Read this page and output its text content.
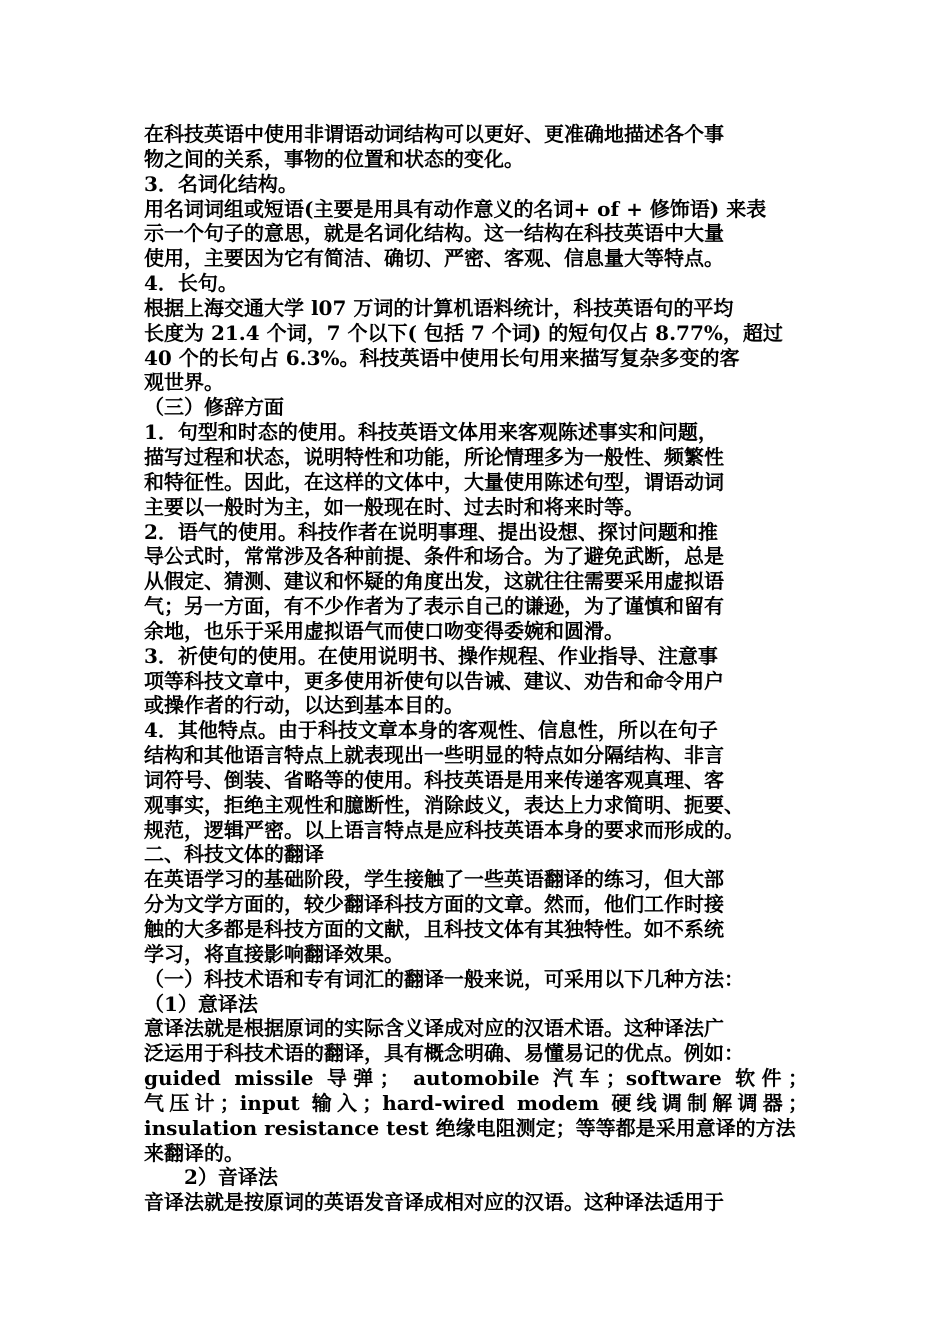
在科技英语中使用非谓语动词结构可以更好、更准确地描述各个事
物之间的关系，事物的位置和状态的变化。
3．名词化结构。
用名词词组或短语(主要是用具有动作意义的名词+ of + 修饰语) 来表
示一个句子的意思，就是名词化结构。这一结构在科技英语中大量
使用，主要因为它有简洁、确切、严密、客观、信息量大等特点。
4．长句。
根据上海交通大学 l07 万词的计算机语料统计，科技英语句的平均
长度为 21.4 个词，7 个以下( 包括 7 个词) 的短句仅占 8.77%，超过
40 个的长句占 6.3%。科技英语中使用长句用来描写复杂多变的客
观世界。
（三）修辞方面
1．句型和时态的使用。科技英语文体用来客观陈述事实和问题，
描写过程和状态，说明特性和功能，所论情理多为一般性、频繁性
和特征性。因此，在这样的文体中，大量使用陈述句型，谓语动词
主要以一般时为主，如一般现在时、过去时和将来时等。
2．语气的使用。科技作者在说明事理、提出设想、探讨问题和推
导公式时，常常涉及各种前提、条件和场合。为了避免武断，总是
从假定、猜测、建议和怀疑的角度出发，这就往往需要采用虚拟语
气；另一方面，有不少作者为了表示自己的谦逊，为了谨慎和留有
余地，也乐于采用虚拟语气而使口吻变得委婉和圆滑。
3．祈使句的使用。在使用说明书、操作规程、作业指导、注意事
项等科技文章中，更多使用祈使句以告诫、建议、劝告和命令用户
或操作者的行动，以达到基本目的。
4．其他特点。由于科技文章本身的客观性、信息性，所以在句子
结构和其他语言特点上就表现出一些明显的特点如分隔结构、非言
词符号、倒装、省略等的使用。科技英语是用来传递客观真理、客
观事实，拒绝主观性和臆断性，消除歧义，表达上力求简明、扼要、
规范，逻辑严密。以上语言特点是应科技英语本身的要求而形成的。
二、科技文体的翻译
在英语学习的基础阶段，学生接触了一些英语翻译的练习，但大部
分为文学方面的，较少翻译科技方面的文章。然而，他们工作时接
触的大多都是科技方面的文献，且科技文体有其独特性。如不系统
学习，将直接影响翻译效果。
（一）科技术语和专有词汇的翻译一般来说，可采用以下几种方法：
（1）意译法
意译法就是根据原词的实际含义译成对应的汉语术语。这种译法广
泛运用于科技术语的翻译，具有概念明确、易懂易记的优点。例如：
guided missile 导弹； automobile 汽车；software 软件；
气压计；input 输入；hard-wired modem 硬线调制解调器；
insulation resistance test 绝缘电阻测定；等等都是采用意译的方法
来翻译的。
　　2）音译法
音译法就是按原词的英语发音译成相对应的汉语。这种译法适用于
